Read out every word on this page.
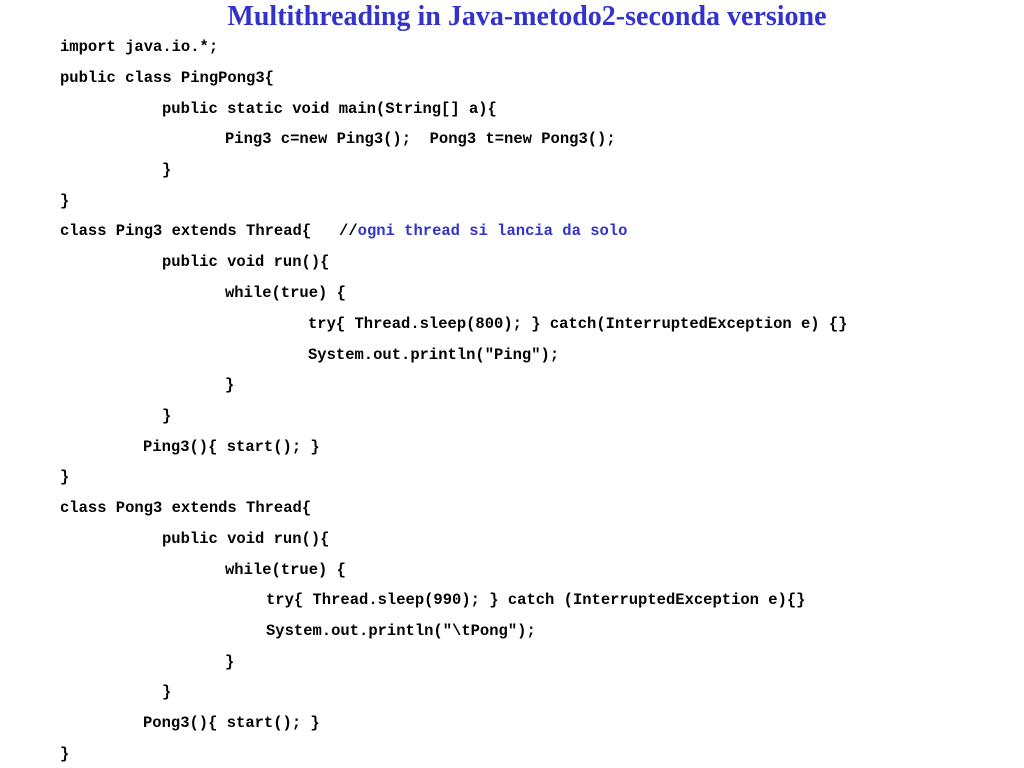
Multithreading in Java-metodo2-seconda versione
import java.io.*;
public class PingPong3{
public static void main(String[] a){
Ping3 c=new Ping3();  Pong3 t=new Pong3();
}
}
class Ping3 extends Thread{   //ogni thread si lancia da solo
public void run(){
while(true) {
try{ Thread.sleep(800); } catch(InterruptedException e) {}
System.out.println("Ping");
}
}
Ping3(){ start(); }
}
class Pong3 extends Thread{
public void run(){
while(true) {
try{ Thread.sleep(990); } catch (InterruptedException e){}
System.out.println("\tPong");
}
}
Pong3(){ start(); }
}
